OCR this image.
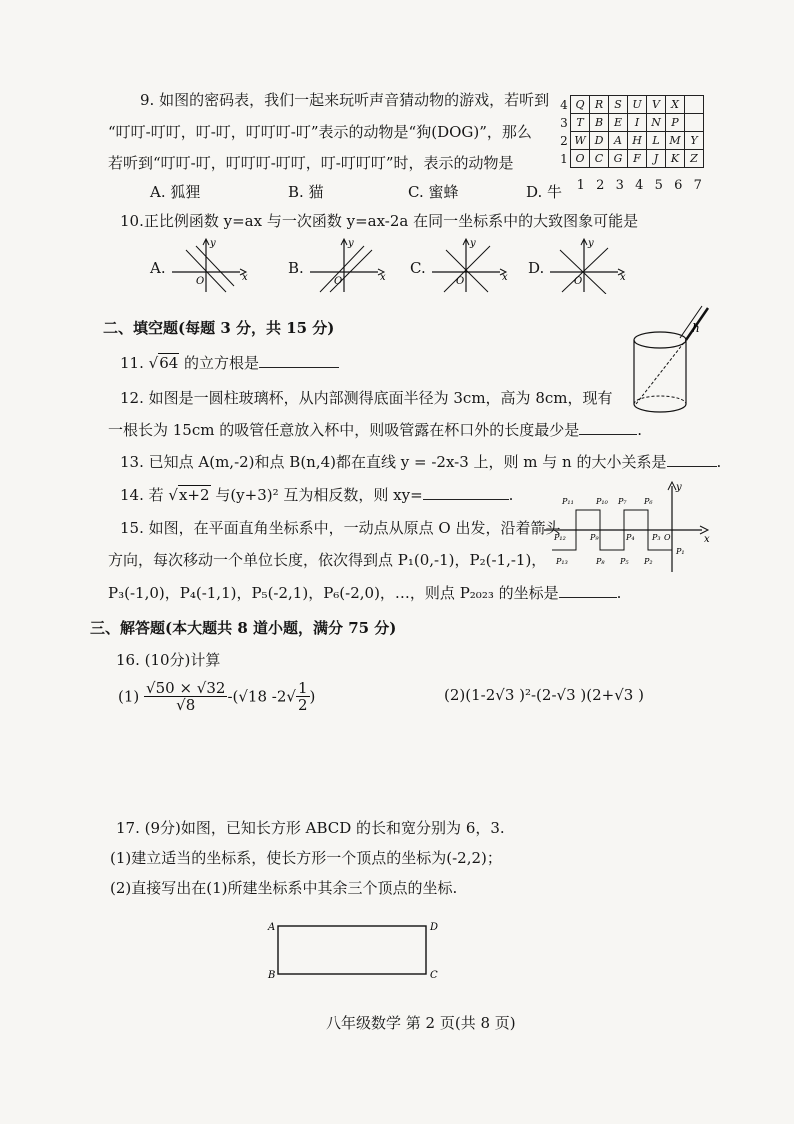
9. 如图的密码表，我们一起来玩听声音猜动物的游戏，若听到
“叮叮-叮叮，叮-叮，叮叮叮-叮”表示的动物是“狗(DOG)”，那么
若听到“叮叮-叮，叮叮叮-叮叮，叮-叮叮叮”时，表示的动物是
A. 狐狸	B. 猫	C. 蜜蜂	D. 牛
4	Q	R	S	U	V	X	
3	T	B	E	I	N	P	
2	W	D	A	H	L	M	Y
1	O	C	G	F	J	K	Z
1 2 3 4 5 6 7
10.正比例函数 y=ax 与一次函数 y=ax-2a 在同一坐标系中的大致图象可能是
A.
x
y
O
B.
x
y
O
C.
x
y
O
D.
x
y
O
二、填空题(每题 3 分，共 15 分)
11. √64 的立方根是
h
12. 如图是一圆柱玻璃杯，从内部测得底面半径为 3cm，高为 8cm，现有
一根长为 15cm 的吸管任意放入杯中，则吸管露在杯口外的长度最少是	.
13. 已知点 A(m,-2)和点 B(n,4)都在直线 y = -2x-3 上，则 m 与 n 的大小关系是	.
14. 若 √x+2 与(y+3)² 互为相反数，则 xy=	.
15. 如图，在平面直角坐标系中，一动点从原点 O 出发，沿着箭头
方向，每次移动一个单位长度，依次得到点 P₁(0,-1)，P₂(-1,-1)，
P₃(-1,0)，P₄(-1,1)，P₅(-2,1)，P₆(-2,0)，…，则点 P₂₀₂₃ 的坐标是	.
x
y
P₁₁	P₁₀ P₇ P₆
P₁₂	P₉	P₄ P₃ O
P₁₃	P₈ P₅ P₂
P₁
三、解答题(本大题共 8 道小题，满分 75 分)
16. (10分)计算
$(1) \frac{√50 \times √32}{√8} -(√18$ $-2√ \frac{1}{2}$ )	(2)(1-2√3 )²-(2-√3 )(2+√3 )
17. (9分)如图，已知长方形 ABCD 的长和宽分别为 6，3.
(1)建立适当的坐标系，使长方形一个顶点的坐标为(-2,2)；
(2)直接写出在(1)所建坐标系中其余三个顶点的坐标.
A	D
B	C
八年级数学 第 2 页(共 8 页)
